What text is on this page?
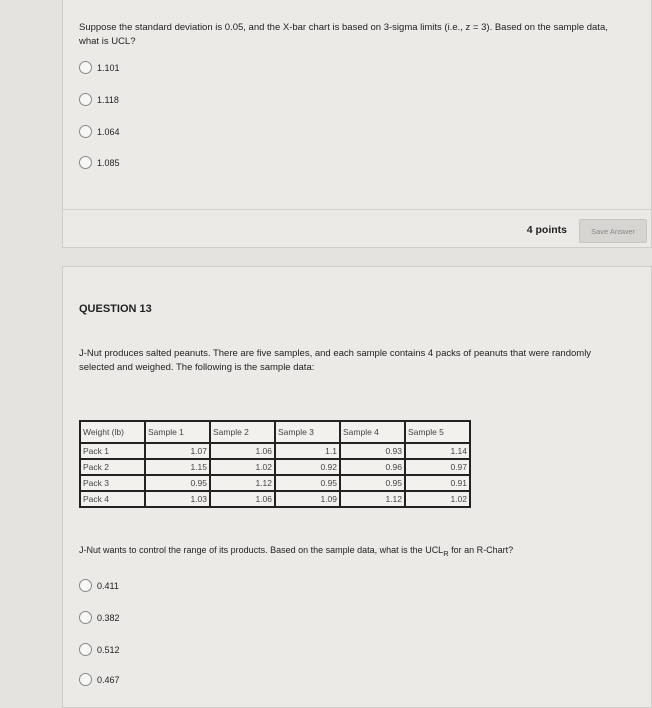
Suppose the standard deviation is 0.05, and the X-bar chart is based on 3-sigma limits (i.e., z = 3). Based on the sample data, what is UCL?
1.101
1.118
1.064
1.085
4 points	Save Answer
QUESTION 13
J-Nut produces salted peanuts. There are five samples, and each sample contains 4 packs of peanuts that were randomly selected and weighed. The following is the sample data:
Weight (lb)	Sample 1	Sample 2	Sample 3	Sample 4	Sample 5
Pack 1	1.07	1.06	1.1	0.93	1.14
Pack 2	1.15	1.02	0.92	0.96	0.97
Pack 3	0.95	1.12	0.95	0.95	0.91
Pack 4	1.03	1.06	1.09	1.12	1.02
J-Nut wants to control the range of its products. Based on the sample data, what is the $UCL_R$ for an R-Chart?
0.411
0.382
0.512
0.467
